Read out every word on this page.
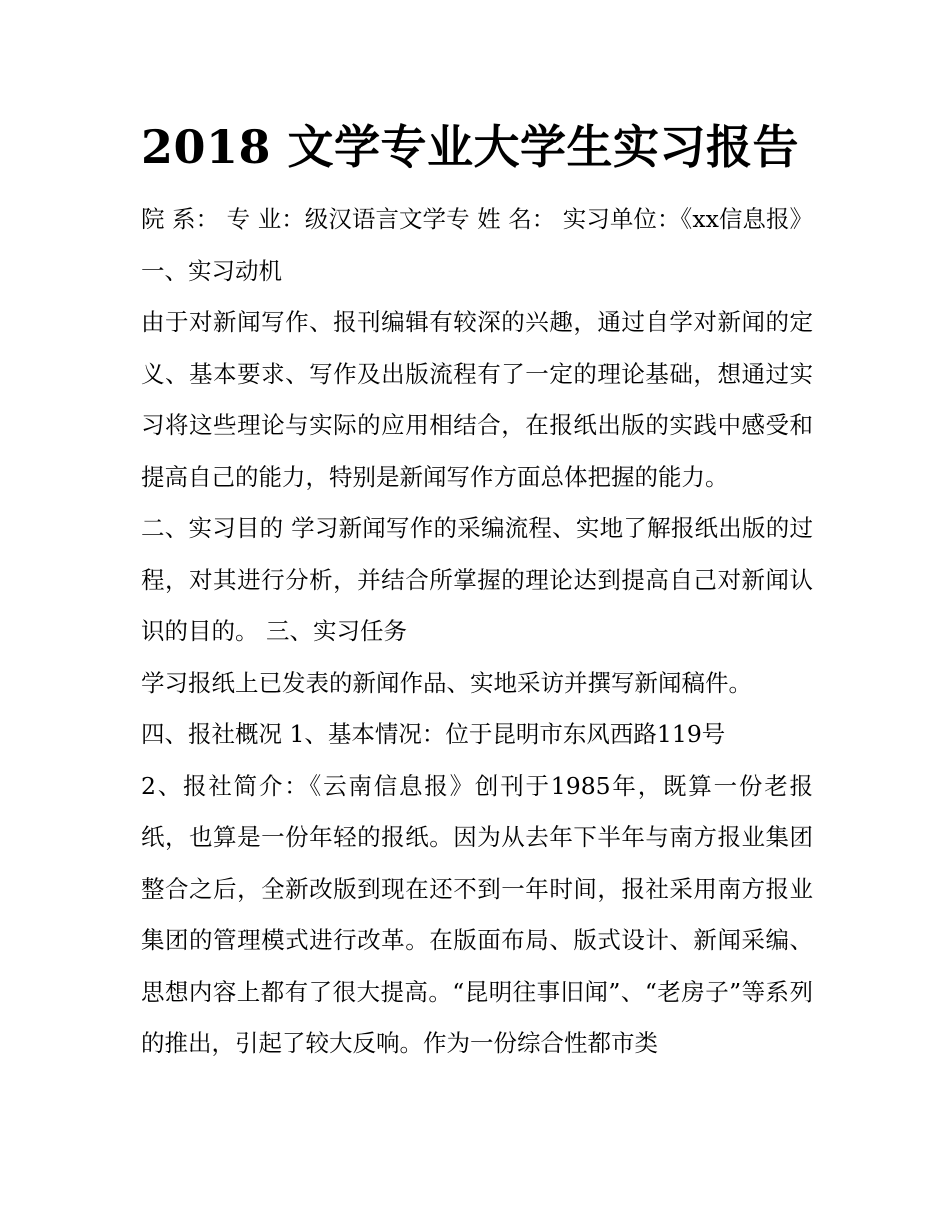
2018 文学专业大学生实习报告

院 系： 专 业：级汉语言文学专 姓 名： 实习单位：《xx信息报》 一、实习动机

由于对新闻写作、报刊编辑有较深的兴趣，通过自学对新闻的定义、基本要求、写作及出版流程有了一定的理论基础，想通过实习将这些理论与实际的应用相结合，在报纸出版的实践中感受和提高自己的能力，特别是新闻写作方面总体把握的能力。

二、实习目的 学习新闻写作的采编流程、实地了解报纸出版的过程，对其进行分析，并结合所掌握的理论达到提高自己对新闻认识的目的。 三、实习任务

学习报纸上已发表的新闻作品、实地采访并撰写新闻稿件。

四、报社概况 1、基本情况：位于昆明市东风西路119号

2、报社简介：《云南信息报》创刊于1985年，既算一份老报纸，也算是一份年轻的报纸。因为从去年下半年与南方报业集团整合之后，全新改版到现在还不到一年时间，报社采用南方报业集团的管理模式进行改革。在版面布局、版式设计、新闻采编、思想内容上都有了很大提高。“昆明往事旧闻”、“老房子”等系列的推出，引起了较大反响。作为一份综合性都市类
